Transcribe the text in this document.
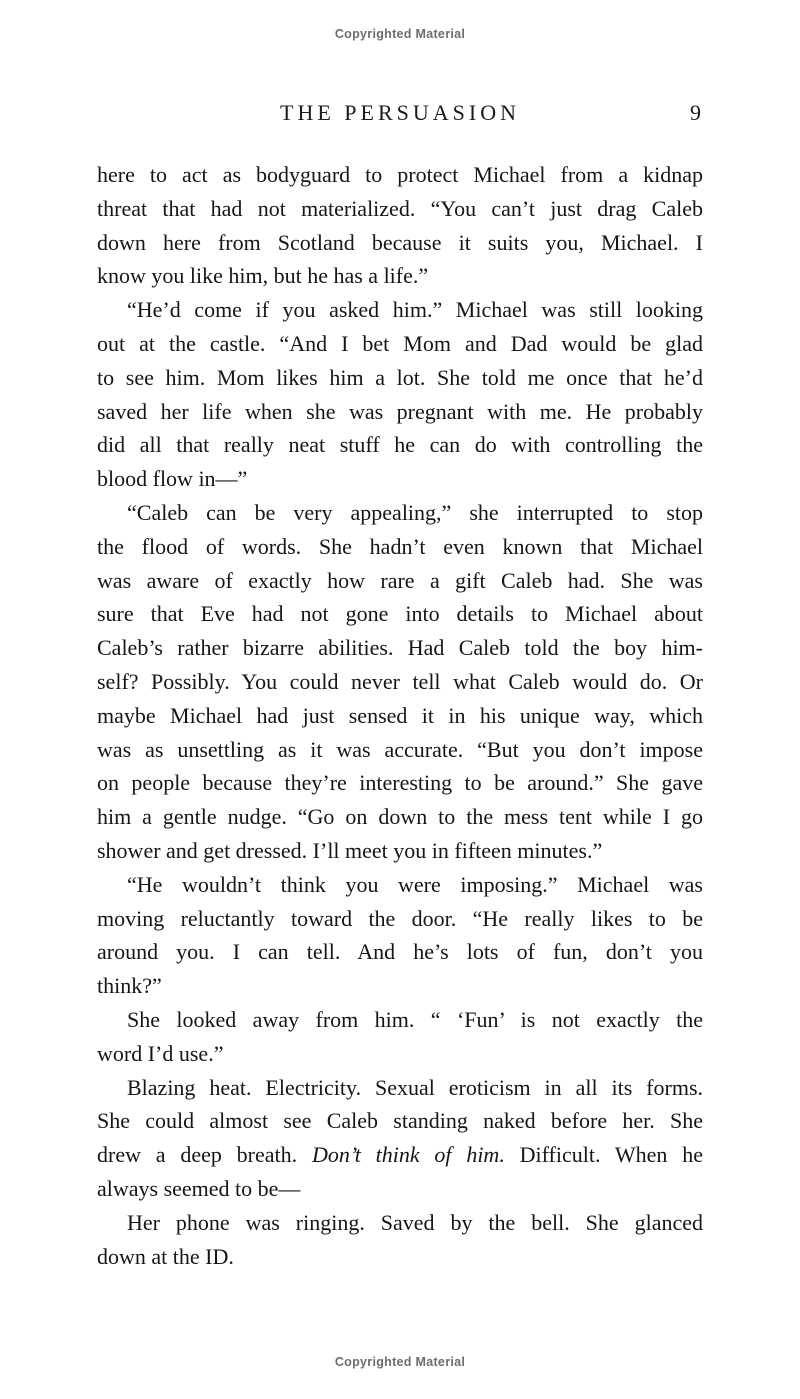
Copyrighted Material
THE PERSUASION	9
here to act as bodyguard to protect Michael from a kidnap
threat that had not materialized. “You can’t just drag Caleb
down here from Scotland because it suits you, Michael. I
know you like him, but he has a life.”
“He’d come if you asked him.” Michael was still looking
out at the castle. “And I bet Mom and Dad would be glad
to see him. Mom likes him a lot. She told me once that he’d
saved her life when she was pregnant with me. He probably
did all that really neat stuff he can do with controlling the
blood flow in—”
“Caleb can be very appealing,” she interrupted to stop
the flood of words. She hadn’t even known that Michael
was aware of exactly how rare a gift Caleb had. She was
sure that Eve had not gone into details to Michael about
Caleb’s rather bizarre abilities. Had Caleb told the boy him-
self? Possibly. You could never tell what Caleb would do. Or
maybe Michael had just sensed it in his unique way, which
was as unsettling as it was accurate. “But you don’t impose
on people because they’re interesting to be around.” She gave
him a gentle nudge. “Go on down to the mess tent while I go
shower and get dressed. I’ll meet you in fifteen minutes.”
“He wouldn’t think you were imposing.” Michael was
moving reluctantly toward the door. “He really likes to be
around you. I can tell. And he’s lots of fun, don’t you
think?”
She looked away from him. “ ‘Fun’ is not exactly the
word I’d use.”
Blazing heat. Electricity. Sexual eroticism in all its forms.
She could almost see Caleb standing naked before her. She
drew a deep breath. Don’t think of him. Difficult. When he
always seemed to be—
Her phone was ringing. Saved by the bell. She glanced
down at the ID.
Copyrighted Material
